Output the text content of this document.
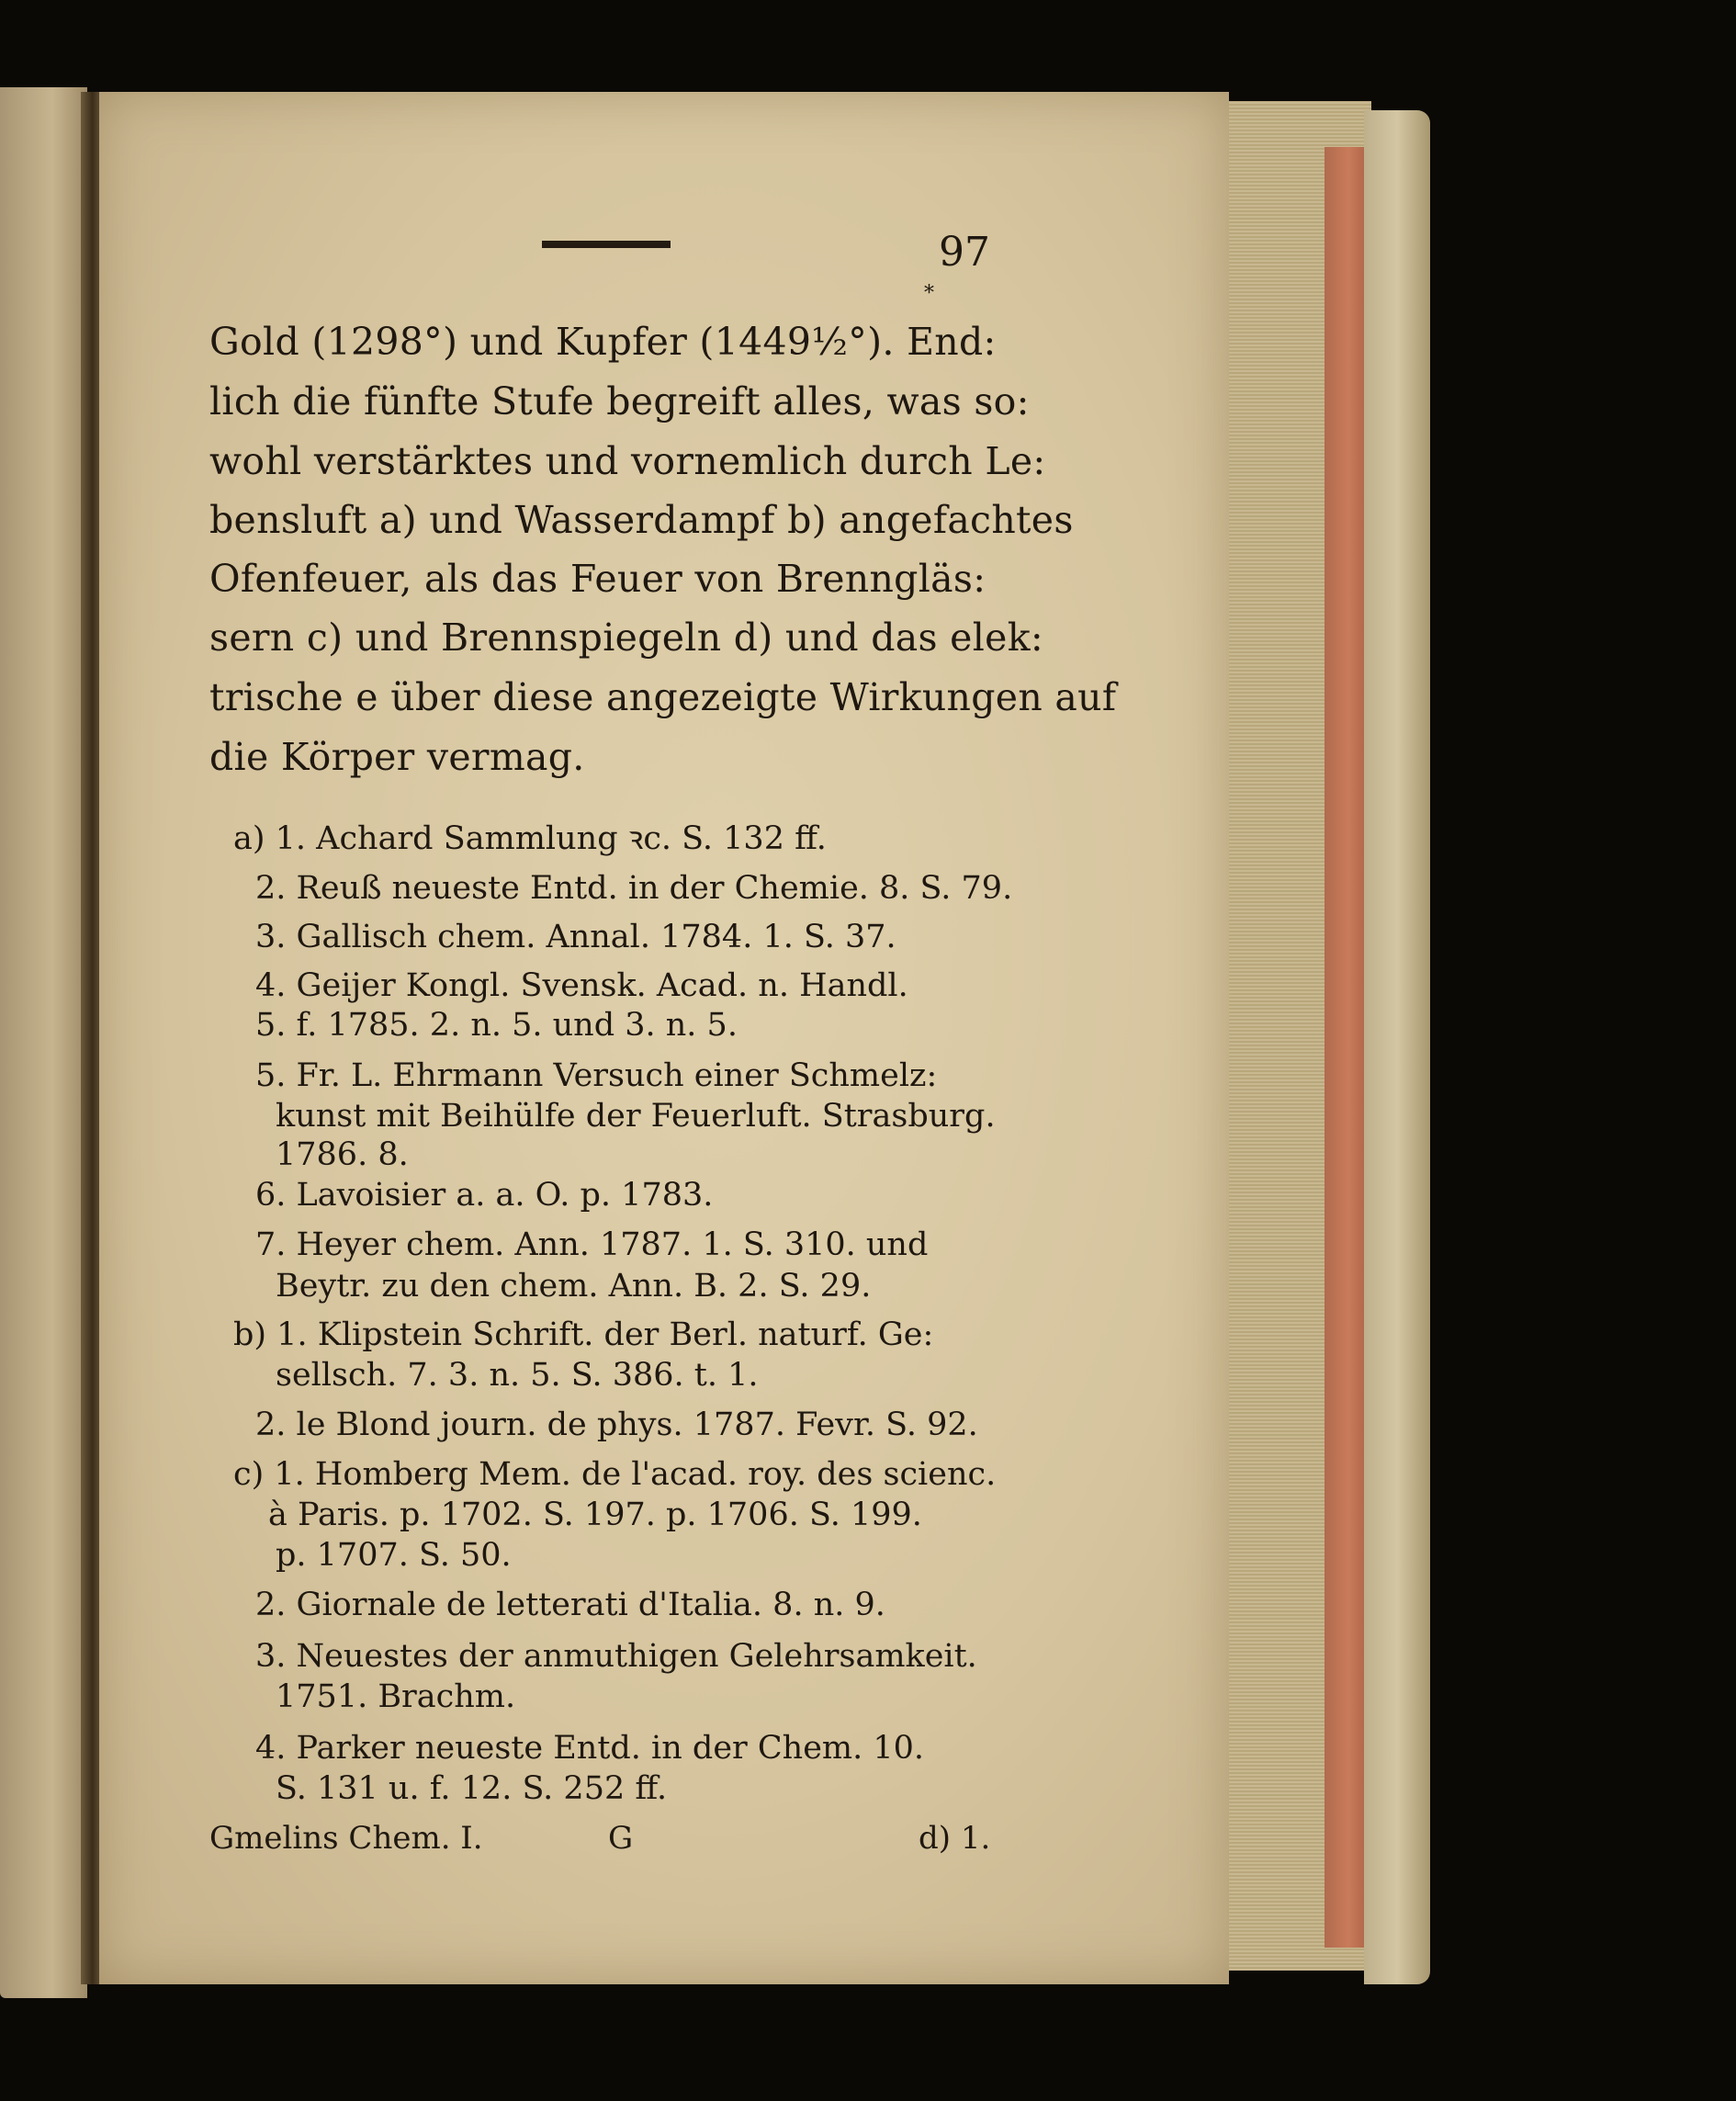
97
*
Gold (1298°) und Kupfer (1449½°). End:
lich die fünfte Stufe begreift alles, was so:
wohl verstärktes und vornemlich durch Le:
bensluft a) und Wasserdampf b) angefachtes
Ofenfeuer, als das Feuer von Brenngläs:
sern c) und Brennspiegeln d) und das elek:
trische e über diese angezeigte Wirkungen auf
die Körper vermag.
a) 1. Achard Sammlung ꝛc. S. 132 ff.
2. Reuß neueste Entd. in der Chemie. 8. S. 79.
3. Gallisch chem. Annal. 1784. 1. S. 37.
4. Geijer Kongl. Svensk. Acad. n. Handl.
5. f. 1785. 2. n. 5. und 3. n. 5.
5. Fr. L. Ehrmann Versuch einer Schmelz:
kunst mit Beihülfe der Feuerluft. Strasburg.
1786. 8.
6. Lavoisier a. a. O. p. 1783.
7. Heyer chem. Ann. 1787. 1. S. 310. und
Beytr. zu den chem. Ann. B. 2. S. 29.
b) 1. Klipstein Schrift. der Berl. naturf. Ge:
sellsch. 7. 3. n. 5. S. 386. t. 1.
2. le Blond journ. de phys. 1787. Fevr. S. 92.
c) 1. Homberg Mem. de l'acad. roy. des scienc.
à Paris. p. 1702. S. 197. p. 1706. S. 199.
p. 1707. S. 50.
2. Giornale de letterati d'Italia. 8. n. 9.
3. Neuestes der anmuthigen Gelehrsamkeit.
1751. Brachm.
4. Parker neueste Entd. in der Chem. 10.
S. 131 u. f. 12. S. 252 ff.
Gmelins Chem. I.	G	d) 1.
